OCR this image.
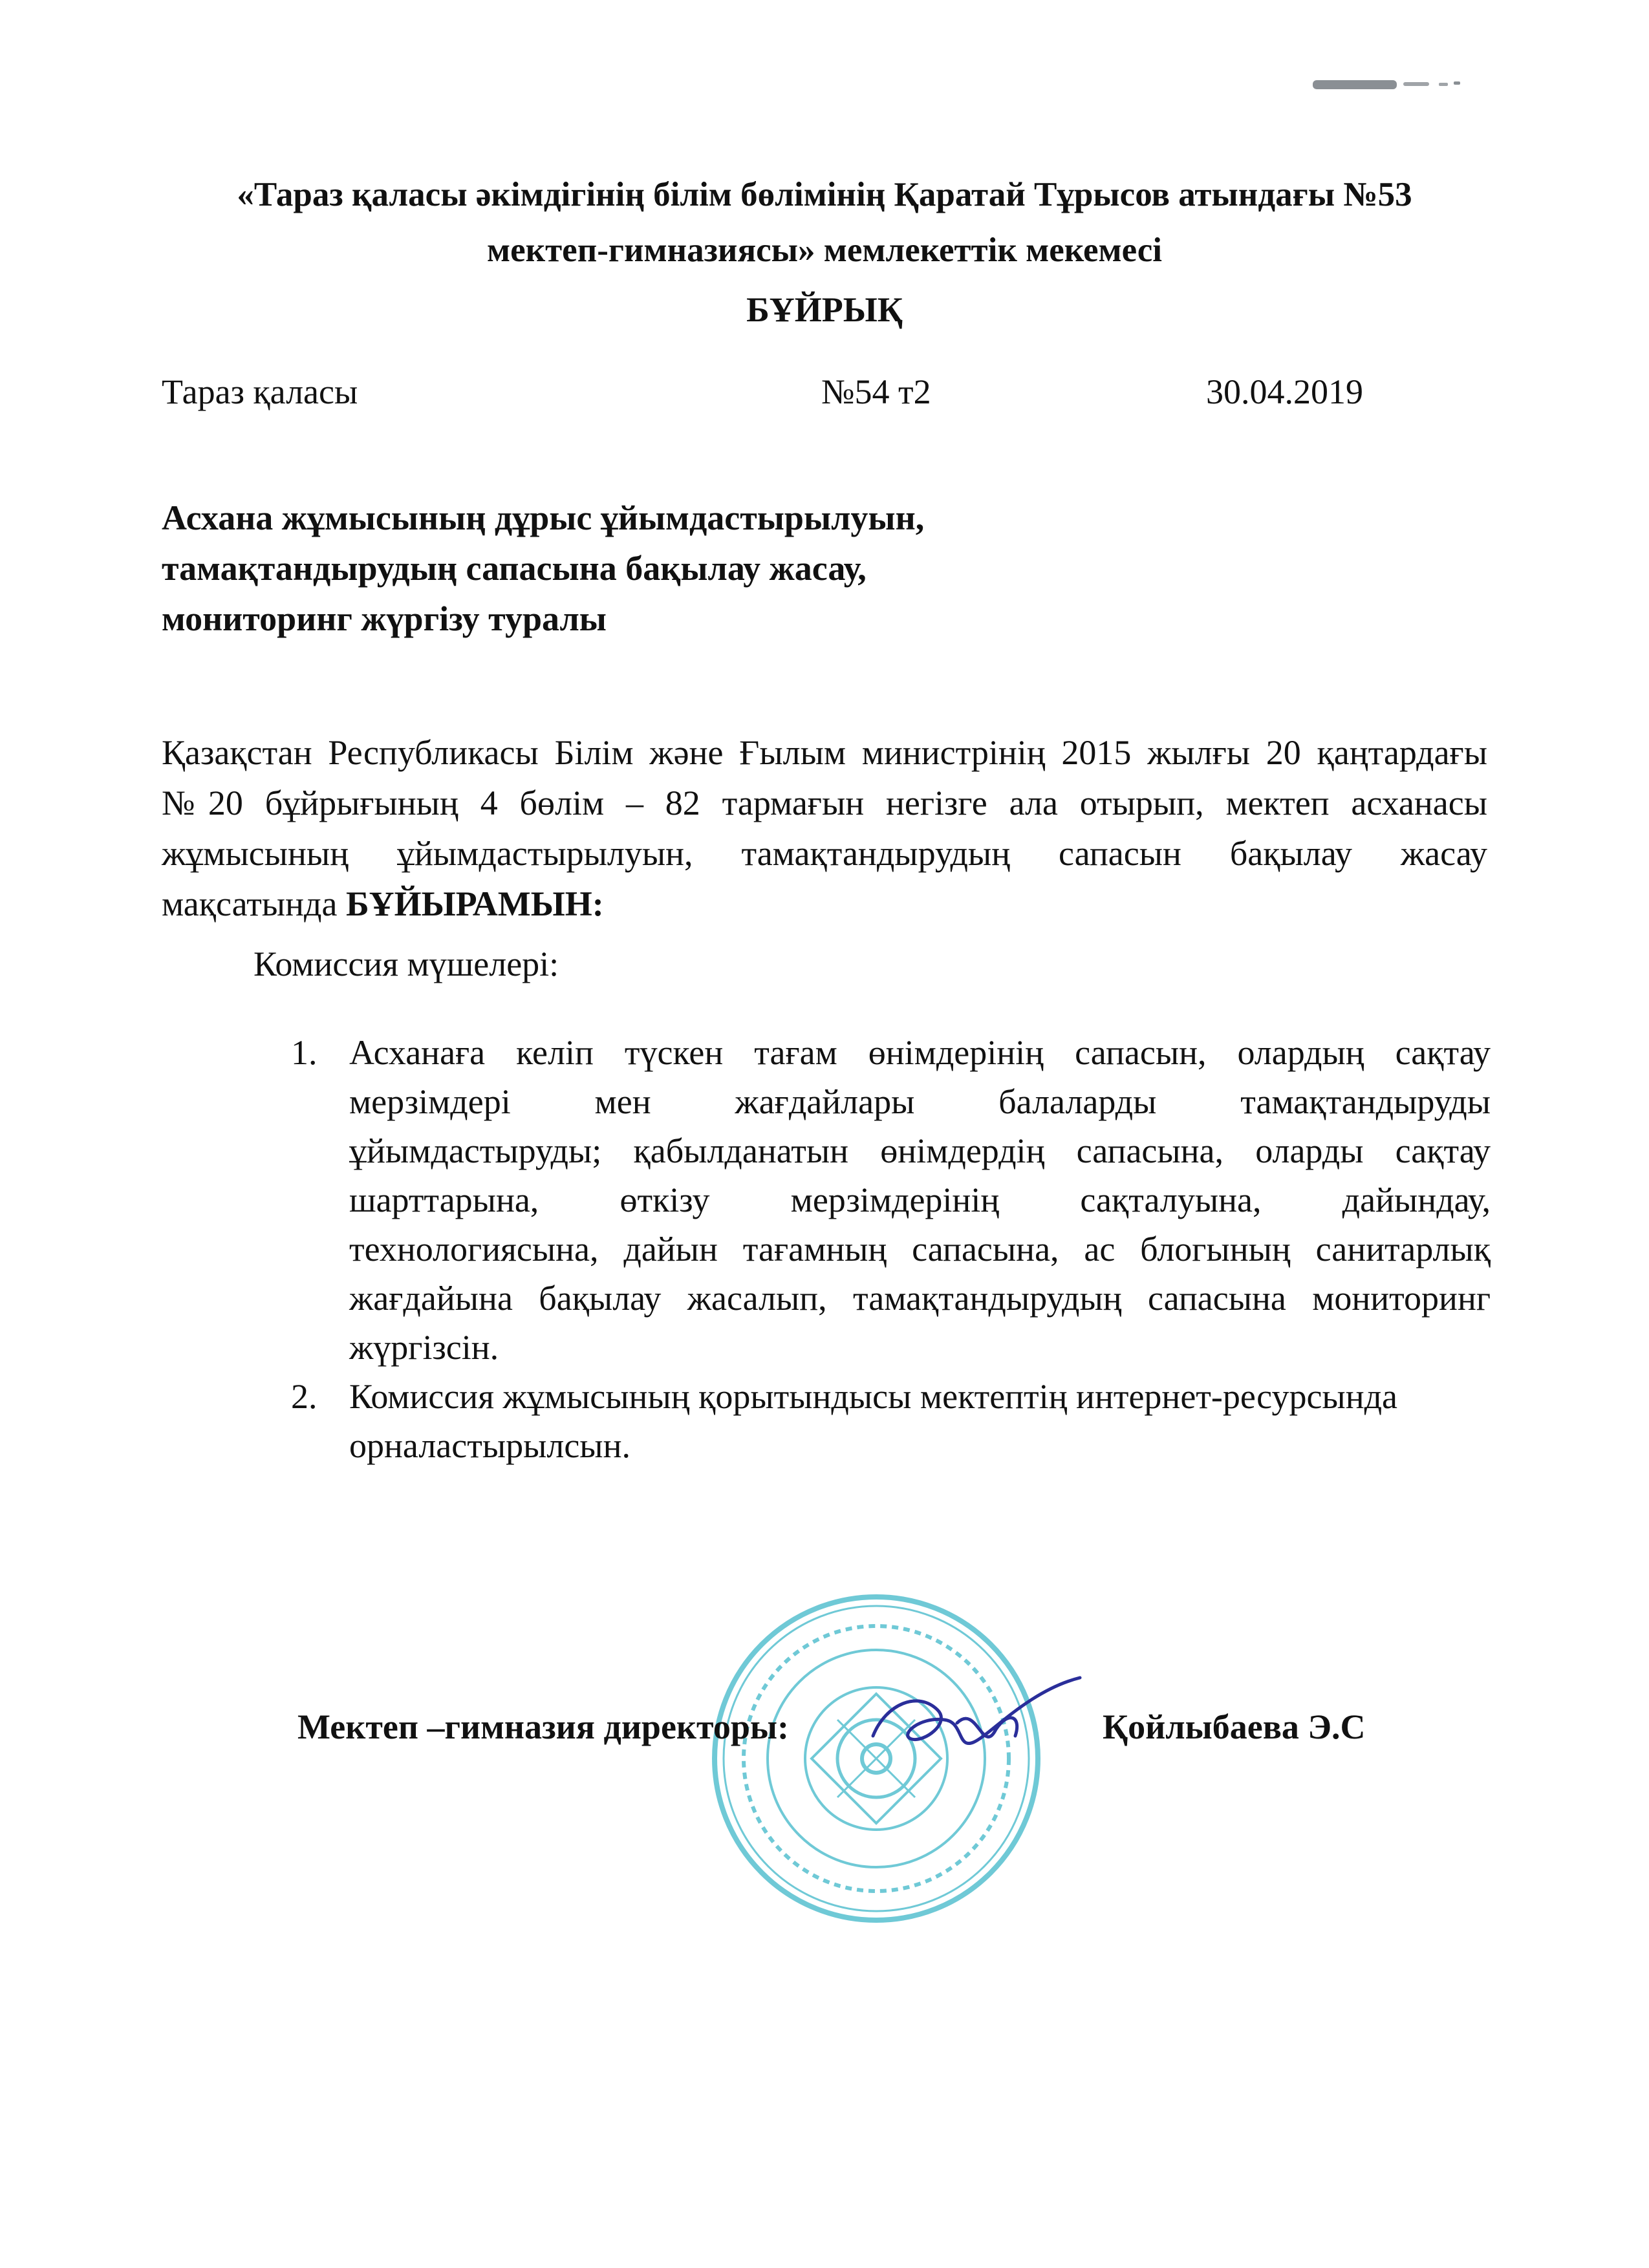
«Тараз қаласы әкімдігінің білім бөлімінің Қаратай Тұрысов атындағы №53
мектеп-гимназиясы» мемлекеттік мекемесі
БҰЙРЫҚ
Тараз қаласы	№54 т2	30.04.2019
Асхана жұмысының дұрыс ұйымдастырылуын,
тамақтандырудың сапасына бақылау жасау,
мониторинг жүргізу туралы
Қазақстан Республикасы Білім және Ғылым министрінің 2015 жылғы 20 қаңтардағы
№20 бұйрығының 4 бөлім – 82 тармағын негізге ала отырып, мектеп асханасы
жұмысының ұйымдастырылуын, тамақтандырудың сапасын бақылау жасау
мақсатында БҰЙЫРАМЫН:
Комиссия мүшелері:
1. Асханаға келіп түскен тағам өнімдерінің сапасын, олардың сақтау
мерзімдері мен жағдайлары балаларды тамақтандыруды
ұйымдастыруды; қабылданатын өнімдердің сапасына, оларды сақтау
шарттарына, өткізу мерзімдерінің сақталуына, дайындау,
технологиясына, дайын тағамның сапасына, ас блогының санитарлық
жағдайына бақылау жасалып, тамақтандырудың сапасына мониторинг
жүргізсін.
2. Комиссия жұмысының қорытындысы мектептің интернет-ресурсында
орналастырылсын.
Мектеп –гимназия директоры:	Қойлыбаева Э.С
